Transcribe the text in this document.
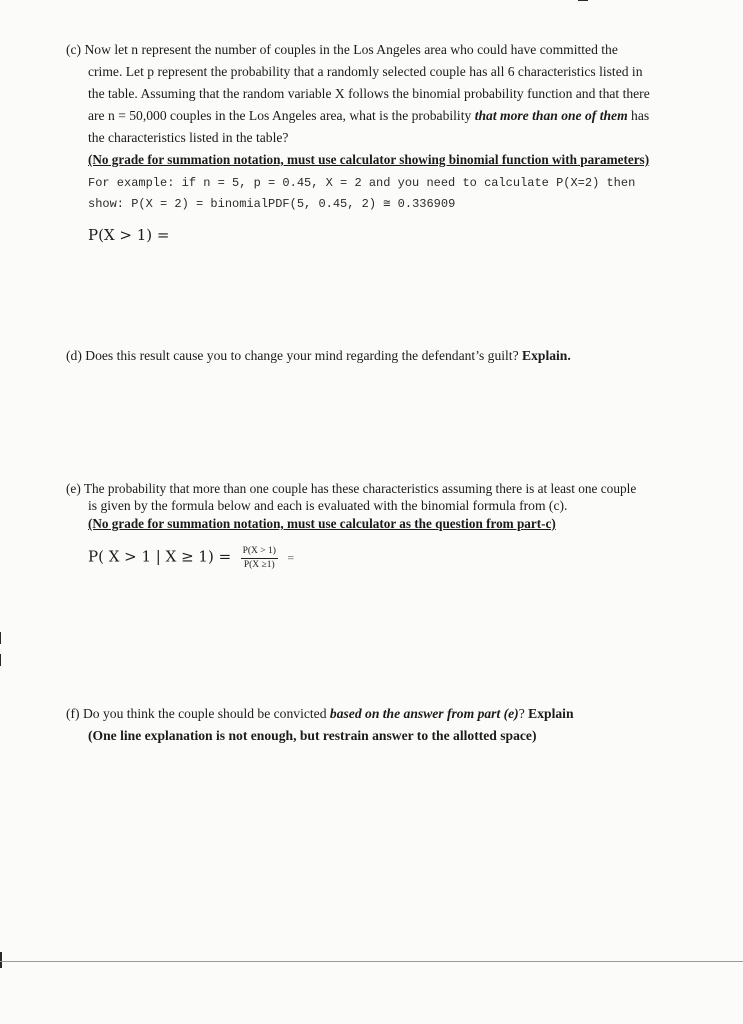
(c) Now let n represent the number of couples in the Los Angeles area who could have committed the

crime. Let p represent the probability that a randomly selected couple has all 6 characteristics listed in

the table. Assuming that the random variable X follows the binomial probability function and that there

are n = 50,000 couples in the Los Angeles area, what is the probability that more than one of them has

the characteristics listed in the table?

(No grade for summation notation, must use calculator showing binomial function with parameters)

For example: if n = 5, p = 0.45, X = 2 and you need to calculate P(X=2) then
show: P(X = 2) = binomialPDF(5, 0.45, 2) ≅ 0.336909
P(X > 1) =

(d) Does this result cause you to change your mind regarding the defendant’s guilt? Explain.

(e) The probability that more than one couple has these characteristics assuming there is at least one couple

is given by the formula below and each is evaluated with the binomial formula from (c).

(No grade for summation notation, must use calculator as the question from part-c)

P( X > 1 | $X \ge 1) = \frac{P(X > 1)}{P(X \ge 1)}$ =

(f) Do you think the couple should be convicted based on the answer from part (e)? Explain

(One line explanation is not enough, but restrain answer to the allotted space)
